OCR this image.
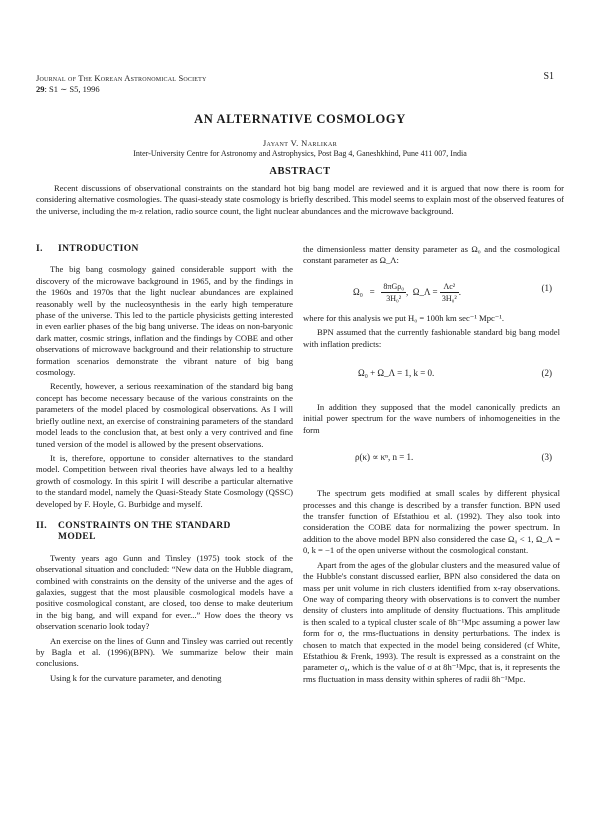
Journal of The Korean Astronomical Society
29: S1 ∼ S5, 1996
S1
AN ALTERNATIVE COSMOLOGY
Jayant V. Narlikar
Inter-University Centre for Astronomy and Astrophysics, Post Bag 4, Ganeshkhind, Pune 411 007, India
ABSTRACT

Recent discussions of observational constraints on the standard hot big bang model are reviewed and it is argued that now there is room for considering alternative cosmologies. The quasi-steady state cosmology is briefly described. This model seems to explain most of the observed features of the universe, including the m-z relation, radio source count, the light nuclear abundances and the microwave background.

I. INTRODUCTION

The big bang cosmology gained considerable support with the discovery of the microwave background in 1965, and by the findings in the 1960s and 1970s that the light nuclear abundances are explained reasonably well by the nucleosynthesis in the early high temperature phase of the universe. This led to the particle physicists getting interested in even earlier phases of the big bang universe. The ideas on non-baryonic dark matter, cosmic strings, inflation and the findings by COBE and other observations of microwave background and their relationship to structure formation scenarios demonstrate the vibrant nature of big bang cosmology.

Recently, however, a serious reexamination of the standard big bang concept has become necessary because of the various constraints on the parameters of the model placed by cosmological observations. As I will briefly outline next, an exercise of constraining parameters of the standard model leads to the conclusion that, at best only a very contrived and fine tuned version of the model is allowed by the present observations.

It is, therefore, opportune to consider alternatives to the standard model. Competition between rival theories have always led to a healthy growth of cosmology. In this spirit I will describe a particular alternative to the standard model, namely the Quasi-Steady State Cosmology (QSSC) developed by F. Hoyle, G. Burbidge and myself.

II. CONSTRAINTS ON THE STANDARD
MODEL

Twenty years ago Gunn and Tinsley (1975) took stock of the observational situation and concluded: “New data on the Hubble diagram, combined with constraints on the density of the universe and the ages of galaxies, suggest that the most plausible cosmological models have a positive cosmological constant, are closed, too dense to make deuterium in the big bang, and will expand for ever...” How does the theory vs observation scenario look today?

An exercise on the lines of Gunn and Tinsley was carried out recently by Bagla et al. (1996)(BPN). We summarize below their main conclusions.

Using k for the curvature parameter, and denoting

the dimensionless matter density parameter as Ω₀ and the cosmological constant parameter as Ω_Λ:

$\Omega_0 = \frac{\text{8πGρ₀}}{\text{3H₀²}}$ , Ω_Λ = $\frac{\text{Λc²}}{\text{3H₀²}}$ .	(1)

where for this analysis we put H₀ = 100h km sec⁻¹ Mpc⁻¹.

BPN assumed that the currently fashionable standard big bang model with inflation predicts:

Ω₀ + Ω_Λ = 1, k = 0.	(2)

In addition they supposed that the model canonically predicts an initial power spectrum for the wave numbers of inhomogeneities in the form

ρ(κ) ∝ κⁿ, n = 1.	(3)

The spectrum gets modified at small scales by different physical processes and this change is described by a transfer function. BPN used the transfer function of Efstathiou et al. (1992). They also took into consideration the COBE data for normalizing the power spectrum. In addition to the above model BPN also considered the case Ω₀ < 1, Ω_Λ = 0, k = −1 of the open universe without the cosmological constant.

Apart from the ages of the globular clusters and the measured value of the Hubble's constant discussed earlier, BPN also considered the data on mass per unit volume in rich clusters identified from x-ray observations. One way of comparing theory with observations is to convert the number density of clusters into amplitude of density fluctuations. This amplitude is then scaled to a typical cluster scale of 8h⁻¹Mpc assuming a power law form for σ, the rms-fluctuations in density perturbations. The index is chosen to match that expected in the model being considered (cf White, Efstathiou & Frenk, 1993). The result is expressed as a constraint on the parameter σ₈, which is the value of σ at 8h⁻¹Mpc, that is, it represents the rms fluctuation in mass density within spheres of radii 8h⁻¹Mpc.
